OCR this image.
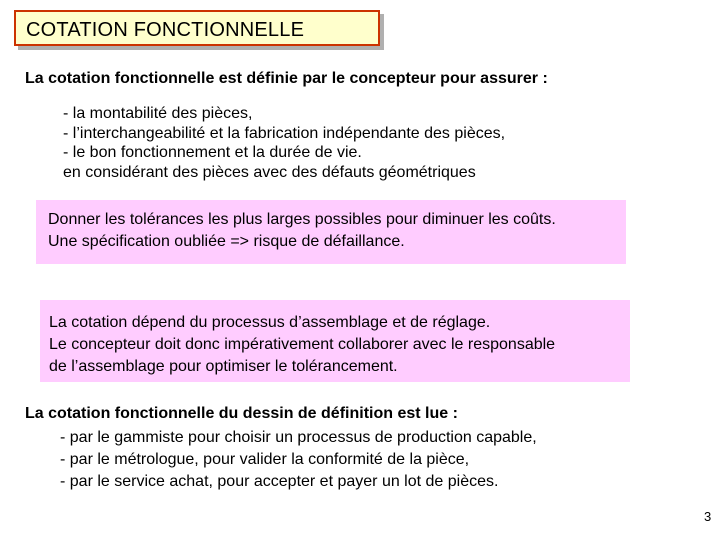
COTATION FONCTIONNELLE
La cotation fonctionnelle est définie par le concepteur pour assurer :
- la montabilité des pièces,
- l’interchangeabilité et la fabrication indépendante des pièces,
- le bon fonctionnement et la durée de vie.
en considérant des pièces avec des défauts géométriques
Donner les tolérances les plus larges possibles pour diminuer les coûts.
Une spécification oubliée => risque de défaillance.
La cotation dépend du processus d’assemblage et de réglage.
Le concepteur doit donc impérativement collaborer avec le responsable
de l’assemblage pour optimiser le tolérancement.
La cotation fonctionnelle du dessin de définition est lue :
- par le gammiste pour choisir un processus de production capable,
- par le métrologue, pour valider la conformité de la pièce,
- par le service achat, pour accepter et payer un lot de pièces.
3
